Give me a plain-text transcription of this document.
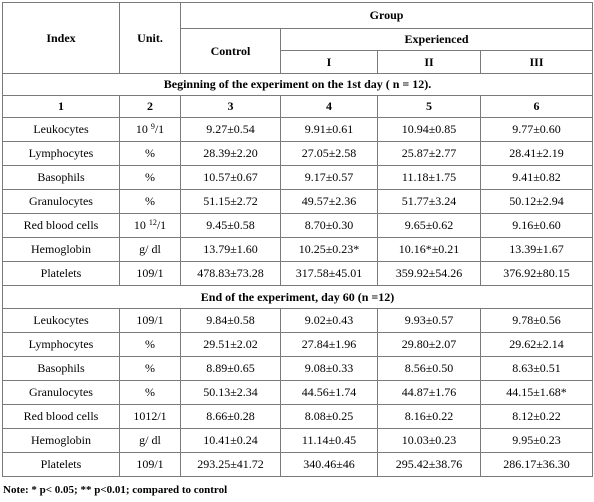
Index	Unit.	Group			
		Control	Experienced		
			I	II	III
Beginning of the experiment on the 1st day ( n = 12).					
1	2	3	4	5	6
Leukocytes	10 $^9$/1	9.27±0.54	9.91±0.61	10.94±0.85	9.77±0.60
Lymphocytes	%	28.39±2.20	27.05±2.58	25.87±2.77	28.41±2.19
Basophils	%	10.57±0.67	9.17±0.57	11.18±1.75	9.41±0.82
Granulocytes	%	51.15±2.72	49.57±2.36	51.77±3.24	50.12±2.94
Red blood cells	10 $^{12}$/1	9.45±0.58	8.70±0.30	9.65±0.62	9.16±0.60
Hemoglobin	g/ dl	13.79±1.60	10.25±0.23*	10.16*±0.21	13.39±1.67
Platelets	109/1	478.83±73.28	317.58±45.01	359.92±54.26	376.92±80.15
End of the experiment, day 60 (n =12)					
Leukocytes	109/1	9.84±0.58	9.02±0.43	9.93±0.57	9.78±0.56
Lymphocytes	%	29.51±2.02	27.84±1.96	29.80±2.07	29.62±2.14
Basophils	%	8.89±0.65	9.08±0.33	8.56±0.50	8.63±0.51
Granulocytes	%	50.13±2.34	44.56±1.74	44.87±1.76	44.15±1.68*
Red blood cells	1012/1	8.66±0.28	8.08±0.25	8.16±0.22	8.12±0.22
Hemoglobin	g/ dl	10.41±0.24	11.14±0.45	10.03±0.23	9.95±0.23
Platelets	109/1	293.25±41.72	340.46±46	295.42±38.76	286.17±36.30
Note: * p< 0.05; ** p<0.01; compared to control
